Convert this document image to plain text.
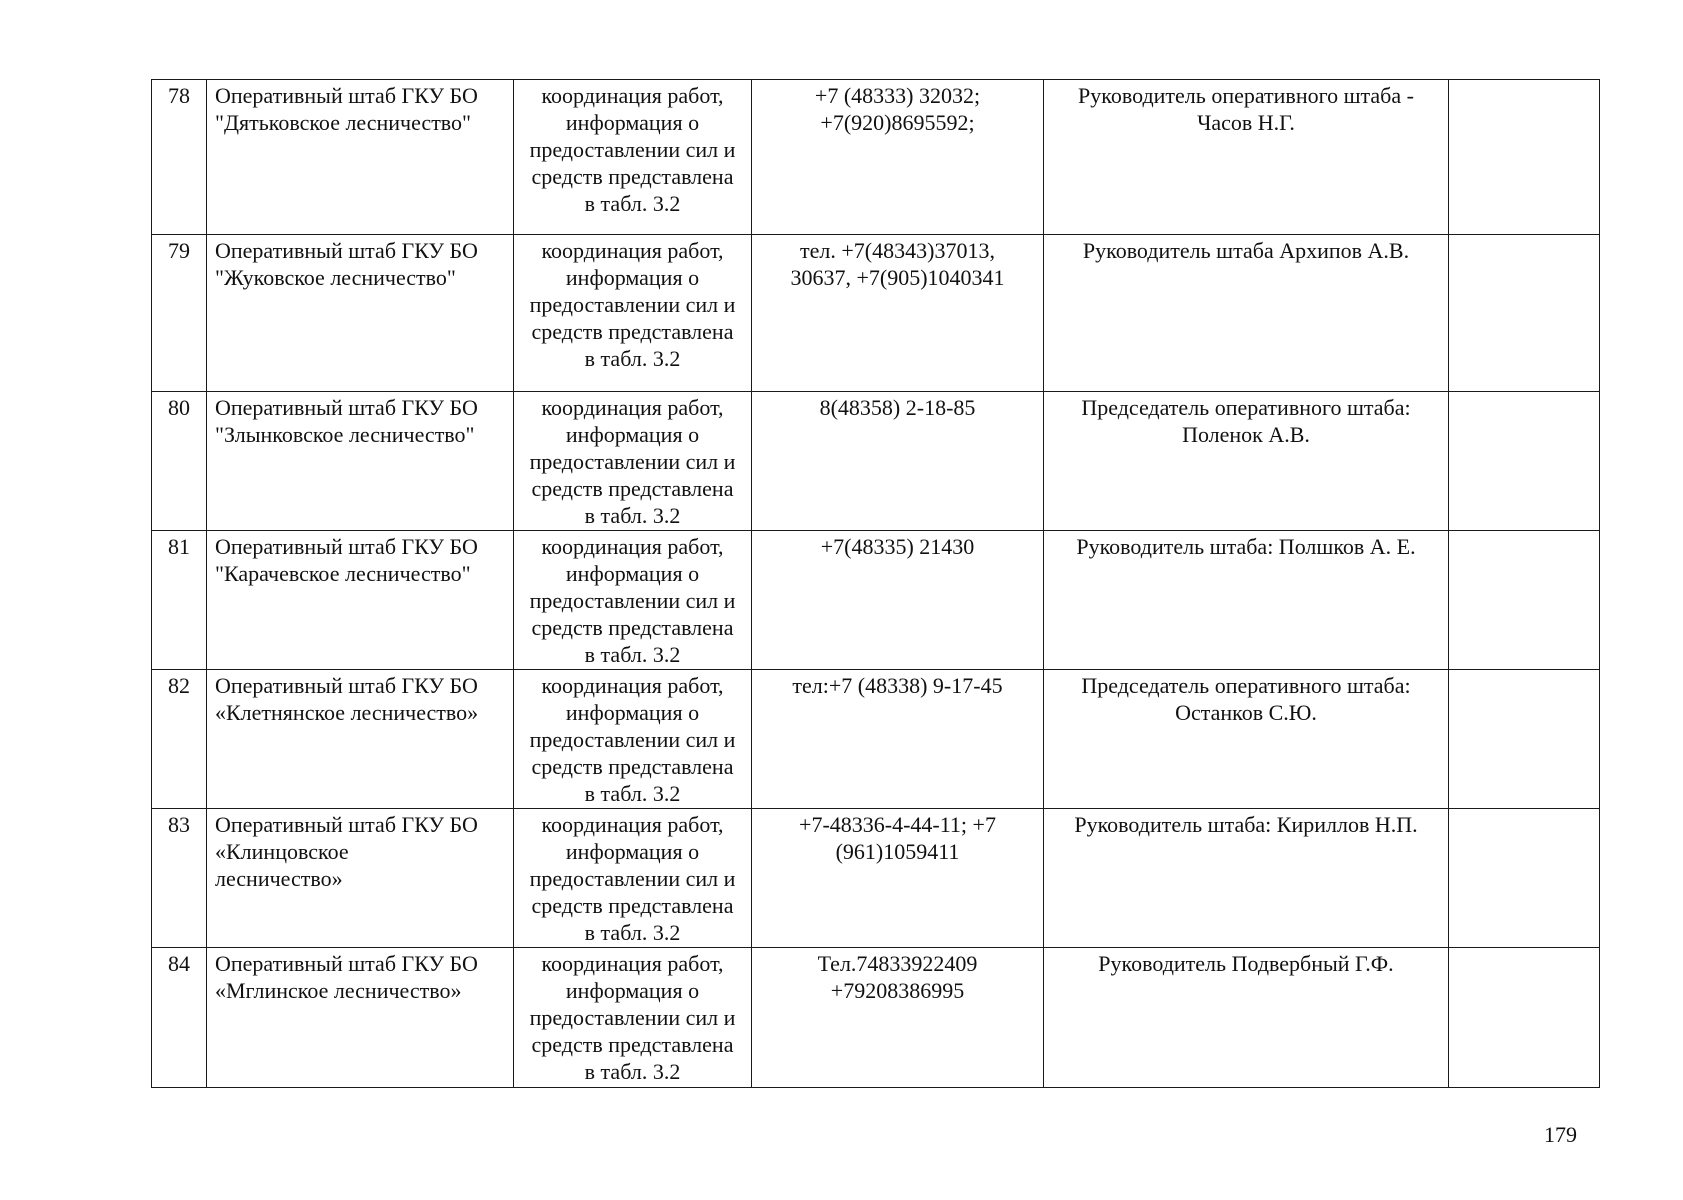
78	Оперативный штаб ГКУ БО
"Дятьковское лесничество"	координация работ,
информация о
предоставлении сил и
средств представлена
в табл. 3.2	+7 (48333) 32032;
+7(920)8695592;	Руководитель оперативного штаба -
Часов Н.Г.	

79	Оперативный штаб ГКУ БО
"Жуковское лесничество"	координация работ,
информация о
предоставлении сил и
средств представлена
в табл. 3.2	тел. +7(48343)37013,
30637, +7(905)1040341	Руководитель штаба Архипов А.В.	

80	Оперативный штаб ГКУ БО
"Злынковское лесничество"	координация работ,
информация о
предоставлении сил и
средств представлена
в табл. 3.2	8(48358) 2-18-85	Председатель оперативного штаба:
Поленок А.В.	

81	Оперативный штаб ГКУ БО
"Карачевское лесничество"	координация работ,
информация о
предоставлении сил и
средств представлена
в табл. 3.2	+7(48335) 21430	Руководитель штаба: Полшков А. Е.	

82	Оперативный штаб ГКУ БО
«Клетнянское лесничество»	координация работ,
информация о
предоставлении сил и
средств представлена
в табл. 3.2	тел:+7 (48338) 9-17-45	Председатель оперативного штаба:
Останков С.Ю.	

83	Оперативный штаб ГКУ БО
«Клинцовское
лесничество»	координация работ,
информация о
предоставлении сил и
средств представлена
в табл. 3.2	+7-48336-4-44-11; +7
(961)1059411	Руководитель штаба: Кириллов Н.П.	

84	Оперативный штаб ГКУ БО
«Мглинское лесничество»	координация работ,
информация о
предоставлении сил и
средств представлена
в табл. 3.2	Тел.74833922409
+79208386995	Руководитель Подвербный Г.Ф.	

179
